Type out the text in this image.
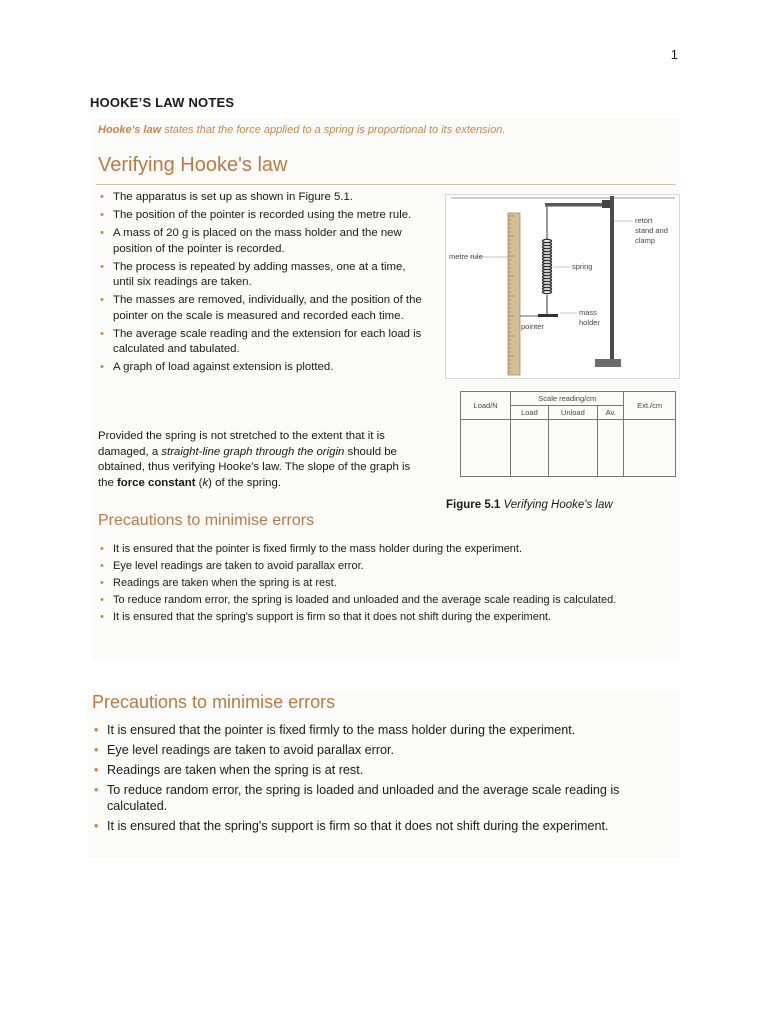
1
HOOKE’S LAW NOTES
Hooke's law states that the force applied to a spring is proportional to its extension.
Verifying Hooke's law
• The apparatus is set up as shown in Figure 5.1.
• The position of the pointer is recorded using the metre rule.
• A mass of 20 g is placed on the mass holder and the new position of the pointer is recorded.
• The process is repeated by adding masses, one at a time, until six readings are taken.
• The masses are removed, individually, and the position of the pointer on the scale is measured and recorded each time.
• The average scale reading and the extension for each load is calculated and tabulated.
• A graph of load against extension is plotted.
Provided the spring is not stretched to the extent that it is damaged, a straight-line graph through the origin should be obtained, thus verifying Hooke's law. The slope of the graph is the force constant (k) of the spring.
metre rule
spring
retort
stand and
clamp
mass
holder
pointer
Load/N	Scale reading/cm			Ext./cm
	Load	Unload	Av.	

Figure 5.1 Verifying Hooke's law
Precautions to minimise errors
• It is ensured that the pointer is fixed firmly to the mass holder during the experiment.
• Eye level readings are taken to avoid parallax error.
• Readings are taken when the spring is at rest.
• To reduce random error, the spring is loaded and unloaded and the average scale reading is calculated.
• It is ensured that the spring's support is firm so that it does not shift during the experiment.
Precautions to minimise errors
• It is ensured that the pointer is fixed firmly to the mass holder during the experiment.
• Eye level readings are taken to avoid parallax error.
• Readings are taken when the spring is at rest.
• To reduce random error, the spring is loaded and unloaded and the average scale reading is calculated.
• It is ensured that the spring's support is firm so that it does not shift during the experiment.
